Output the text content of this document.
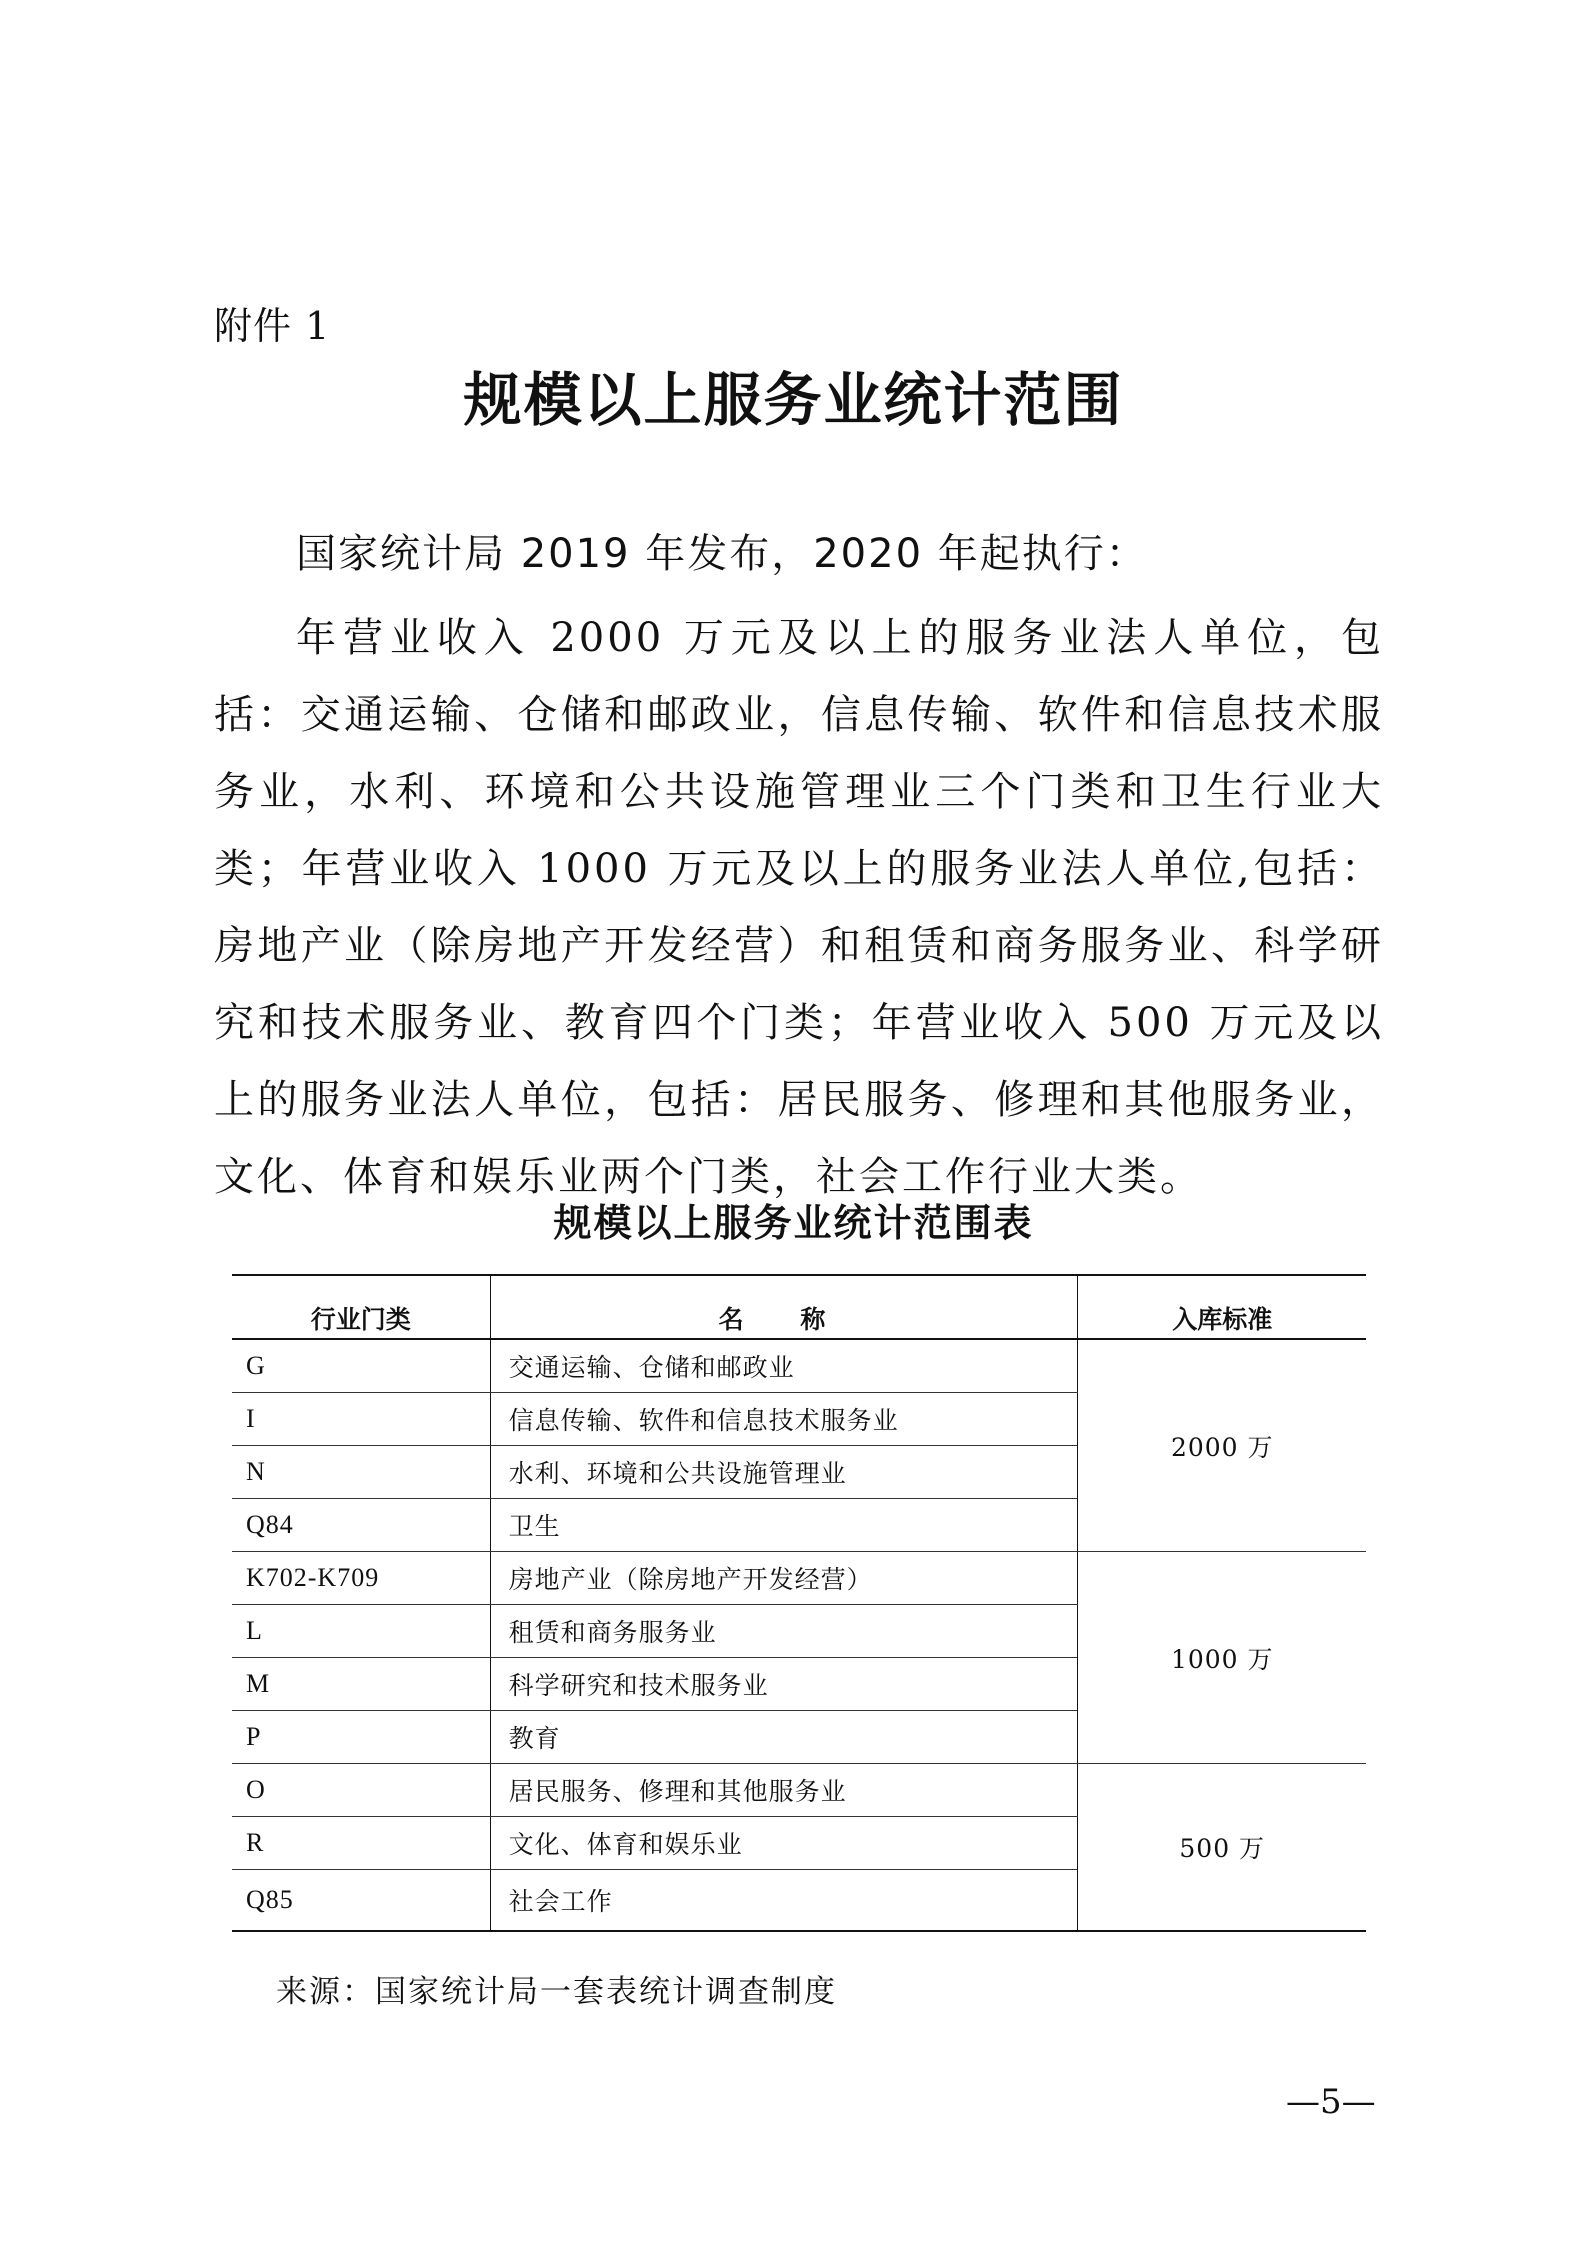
附件 1
规模以上服务业统计范围
国家统计局 2019 年发布，2020 年起执行：

年营业收入 2000 万元及以上的服务业法人单位，包括：交通运输、仓储和邮政业，信息传输、软件和信息技术服务业，水利、环境和公共设施管理业三个门类和卫生行业大类；年营业收入 1000 万元及以上的服务业法人单位,包括：房地产业（除房地产开发经营）和租赁和商务服务业、科学研究和技术服务业、教育四个门类；年营业收入 500 万元及以上的服务业法人单位，包括：居民服务、修理和其他服务业，文化、体育和娱乐业两个门类，社会工作行业大类。

规模以上服务业统计范围表
行业门类	名 称	入库标准
G	交通运输、仓储和邮政业	2000 万
I	信息传输、软件和信息技术服务业	
N	水利、环境和公共设施管理业	
Q84	卫生	
K702-K709	房地产业（除房地产开发经营）	1000 万
L	租赁和商务服务业	
M	科学研究和技术服务业	
P	教育	
O	居民服务、修理和其他服务业	500 万
R	文化、体育和娱乐业	
Q85	社会工作	
来源：国家统计局一套表统计调查制度
—5—
